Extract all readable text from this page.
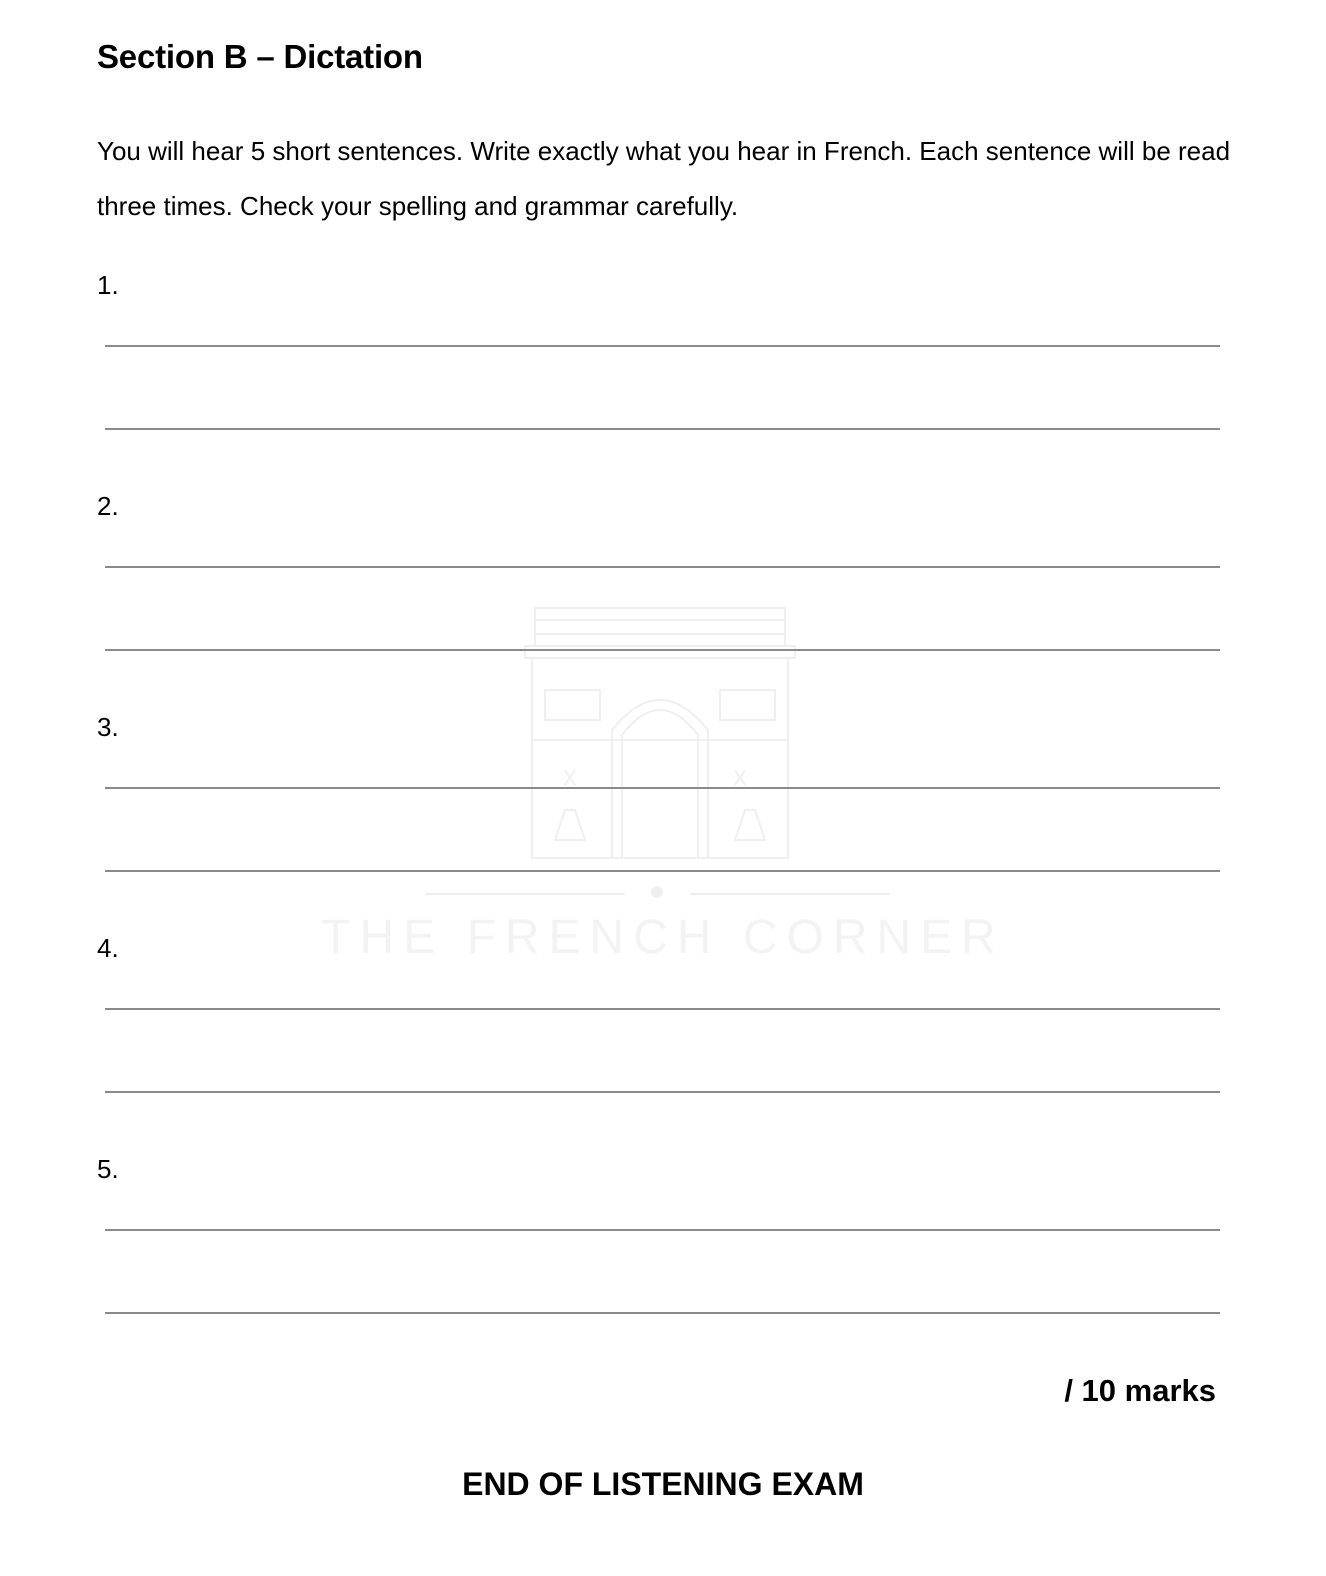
THE FRENCH CORNER
Section B – Dictation
You will hear 5 short sentences. Write exactly what you hear in French. Each sentence will be read three times. Check your spelling and grammar carefully.
1.
2.
3.
4.
5.
/ 10 marks
END OF LISTENING EXAM
